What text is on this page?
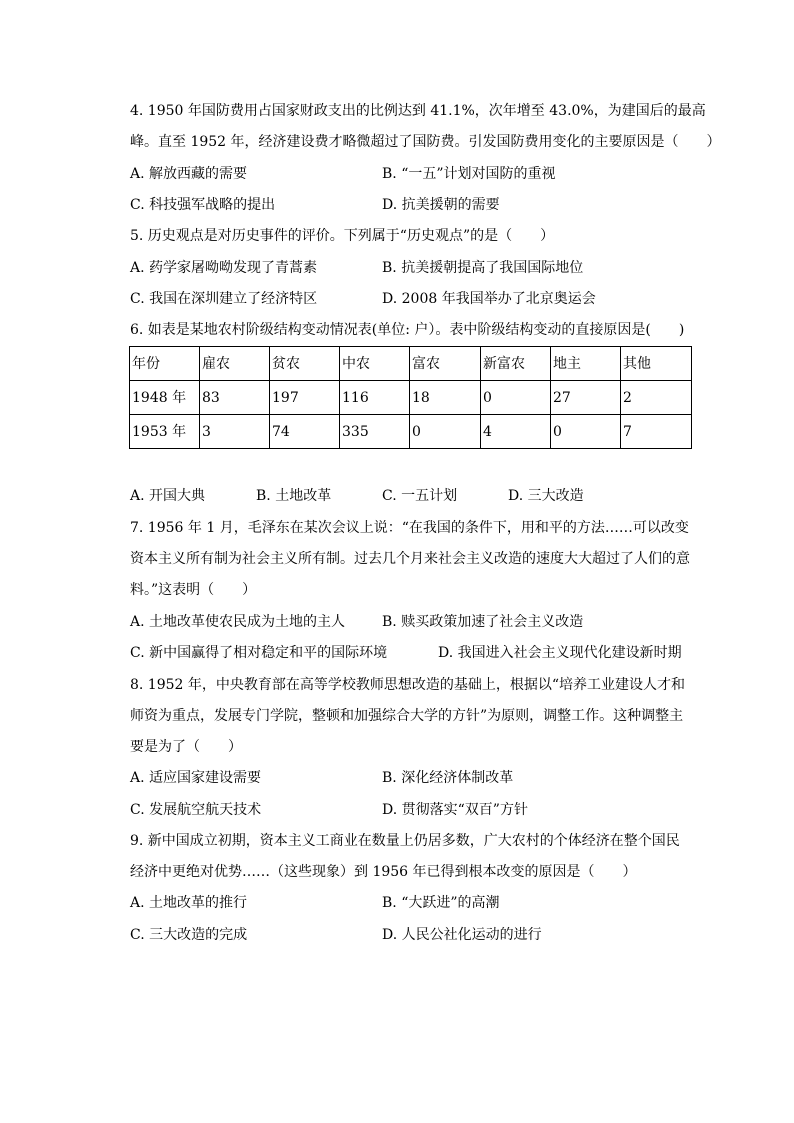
4. 1950 年国防费用占国家财政支出的比例达到 41.1%，次年增至 43.0%，为建国后的最高
峰。直至 1952 年，经济建设费才略微超过了国防费。引发国防费用变化的主要原因是（　　）
A. 解放西藏的需要	B. “一五”计划对国防的重视
C. 科技强军战略的提出	D. 抗美援朝的需要
5. 历史观点是对历史事件的评价。下列属于“历史观点”的是（　　）
A. 药学家屠呦呦发现了青蒿素	B. 抗美援朝提高了我国国际地位
C. 我国在深圳建立了经济特区	D. 2008 年我国举办了北京奥运会
6. 如表是某地农村阶级结构变动情况表(单位: 户）。表中阶级结构变动的直接原因是(　　)
年份	雇农	贫农	中农	富农	新富农	地主	其他
1948 年	83	197	116	18	0	27	2
1953 年	3	74	335	0	4	0	7
A. 开国大典	B. 土地改革	C. 一五计划	D. 三大改造
7. 1956 年 1 月，毛泽东在某次会议上说：“在我国的条件下，用和平的方法……可以改变
资本主义所有制为社会主义所有制。过去几个月来社会主义改造的速度大大超过了人们的意
料。”这表明（　　）
A. 土地改革使农民成为土地的主人	B. 赎买政策加速了社会主义改造
C. 新中国赢得了相对稳定和平的国际环境	D. 我国进入社会主义现代化建设新时期
8. 1952 年，中央教育部在高等学校教师思想改造的基础上，根据以“培养工业建设人才和
师资为重点，发展专门学院，整顿和加强综合大学的方针”为原则，调整工作。这种调整主
要是为了（　　）
A. 适应国家建设需要	B. 深化经济体制改革
C. 发展航空航天技术	D. 贯彻落实“双百”方针
9. 新中国成立初期，资本主义工商业在数量上仍居多数，广大农村的个体经济在整个国民
经济中更绝对优势……（这些现象）到 1956 年已得到根本改变的原因是（　　）
A. 土地改革的推行	B. “大跃进”的高潮
C. 三大改造的完成	D. 人民公社化运动的进行
